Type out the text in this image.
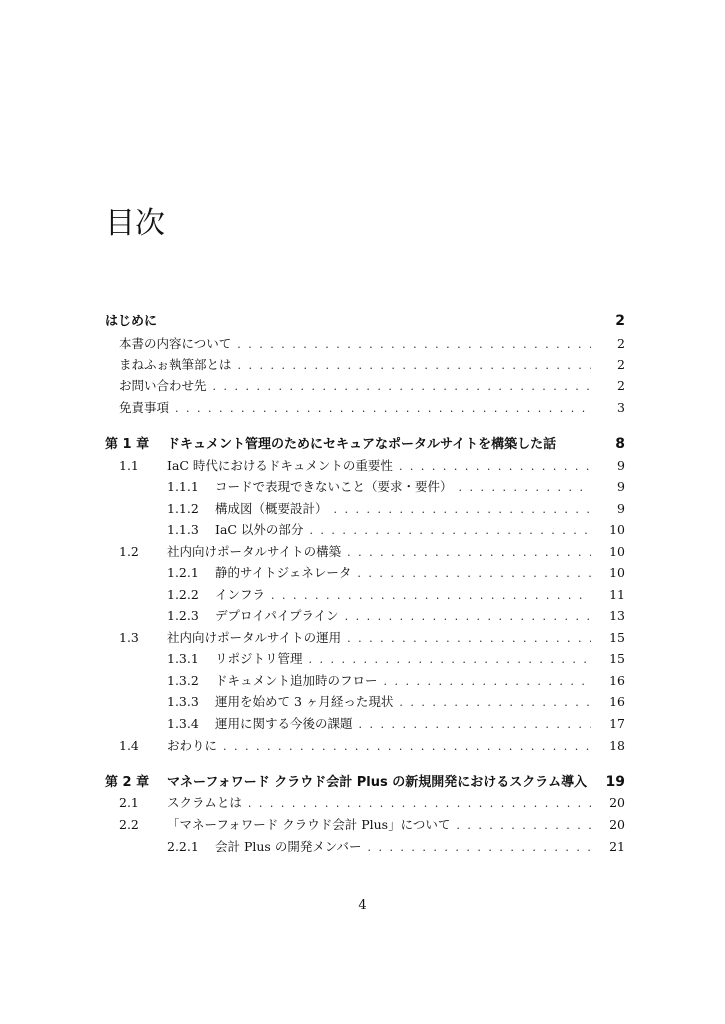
目次
はじめに	2
本書の内容について . . .	2
まねふぉ執筆部とは . . .	2
お問い合わせ先 . . .	2
免責事項 . . .	3
第 1 章	ドキュメント管理のためにセキュアなポータルサイトを構築した話	8
1.1	IaC 時代におけるドキュメントの重要性 . . .	9
1.1.1	コードで表現できないこと（要求・要件） . . .	9
1.1.2	構成図（概要設計） . . .	9
1.1.3	IaC 以外の部分 . . .	10
1.2	社内向けポータルサイトの構築 . . .	10
1.2.1	静的サイトジェネレータ . . .	10
1.2.2	インフラ . . .	11
1.2.3	デプロイパイプライン . . .	13
1.3	社内向けポータルサイトの運用 . . .	15
1.3.1	リポジトリ管理 . . .	15
1.3.2	ドキュメント追加時のフロー . . .	16
1.3.3	運用を始めて 3 ヶ月経った現状 . . .	16
1.3.4	運用に関する今後の課題 . . .	17
1.4	おわりに . . .	18
第 2 章	マネーフォワード クラウド会計 Plus の新規開発におけるスクラム導入	19
2.1	スクラムとは . . .	20
2.2	「マネーフォワード クラウド会計 Plus」について . . .	20
2.2.1	会計 Plus の開発メンバー . . .	21
4
